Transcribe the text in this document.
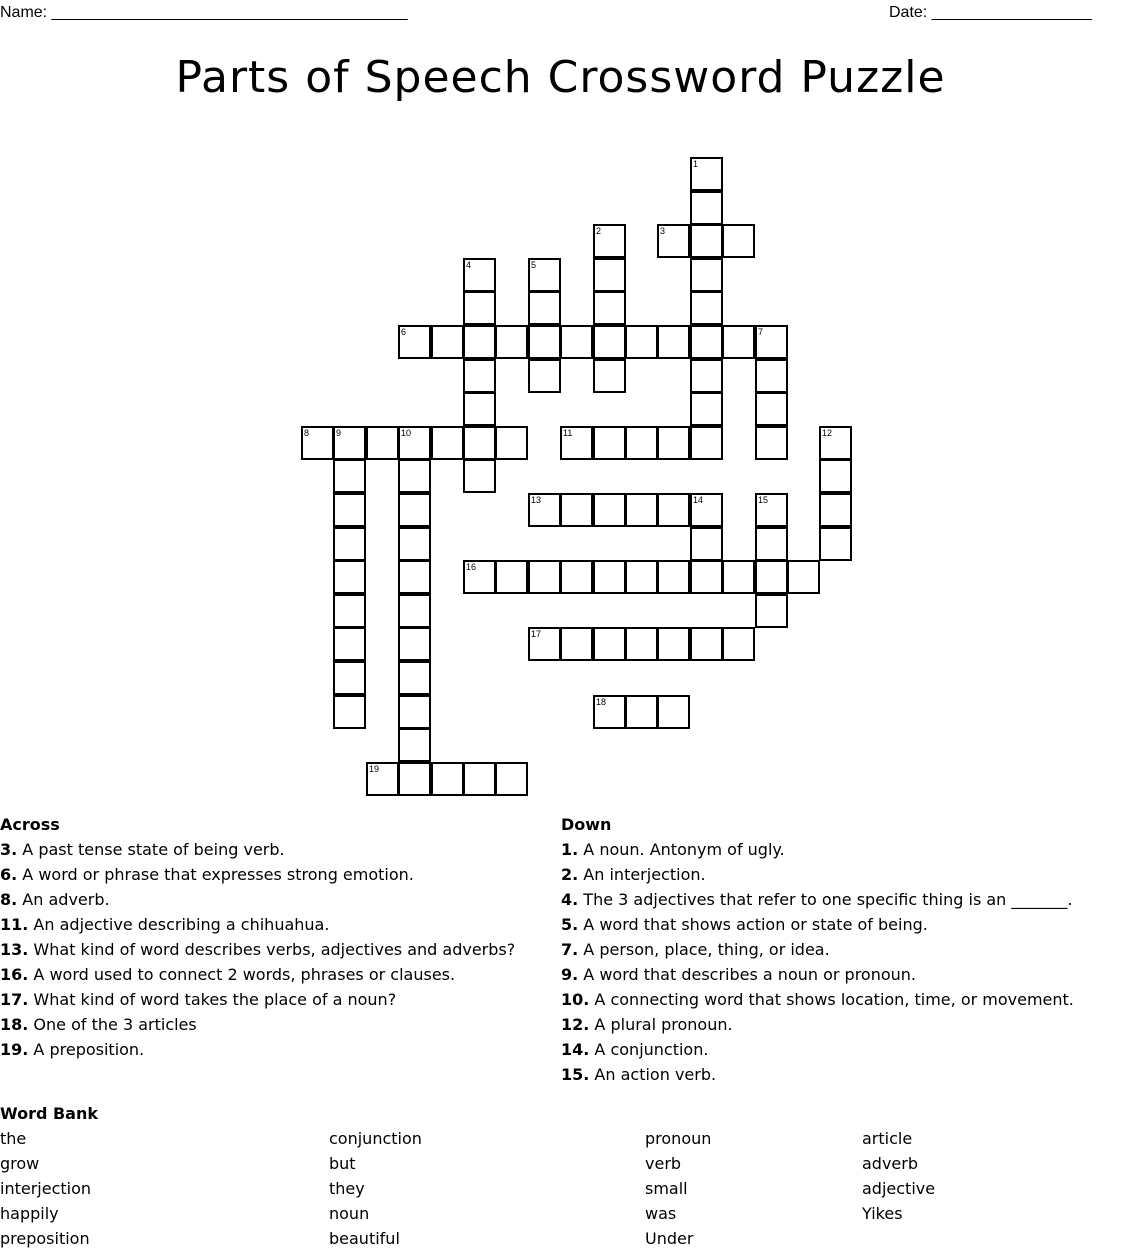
Name: ________________________________________	Date: __________________
Parts of Speech Crossword Puzzle
1
2	3
4	5
6	7
8	9	10	11	12
13	14	15
16
17
18
19
Across
3. A past tense state of being verb.
6. A word or phrase that expresses strong emotion.
8. An adverb.
11. An adjective describing a chihuahua.
13. What kind of word describes verbs, adjectives and adverbs?
16. A word used to connect 2 words, phrases or clauses.
17. What kind of word takes the place of a noun?
18. One of the 3 articles
19. A preposition.
Down
1. A noun. Antonym of ugly.
2. An interjection.
4. The 3 adjectives that refer to one specific thing is an _______.
5. A word that shows action or state of being.
7. A person, place, thing, or idea.
9. A word that describes a noun or pronoun.
10. A connecting word that shows location, time, or movement.
12. A plural pronoun.
14. A conjunction.
15. An action verb.
Word Bank
the
grow
interjection
happily
preposition
conjunction
but
they
noun
beautiful
pronoun
verb
small
was
Under
article
adverb
adjective
Yikes
